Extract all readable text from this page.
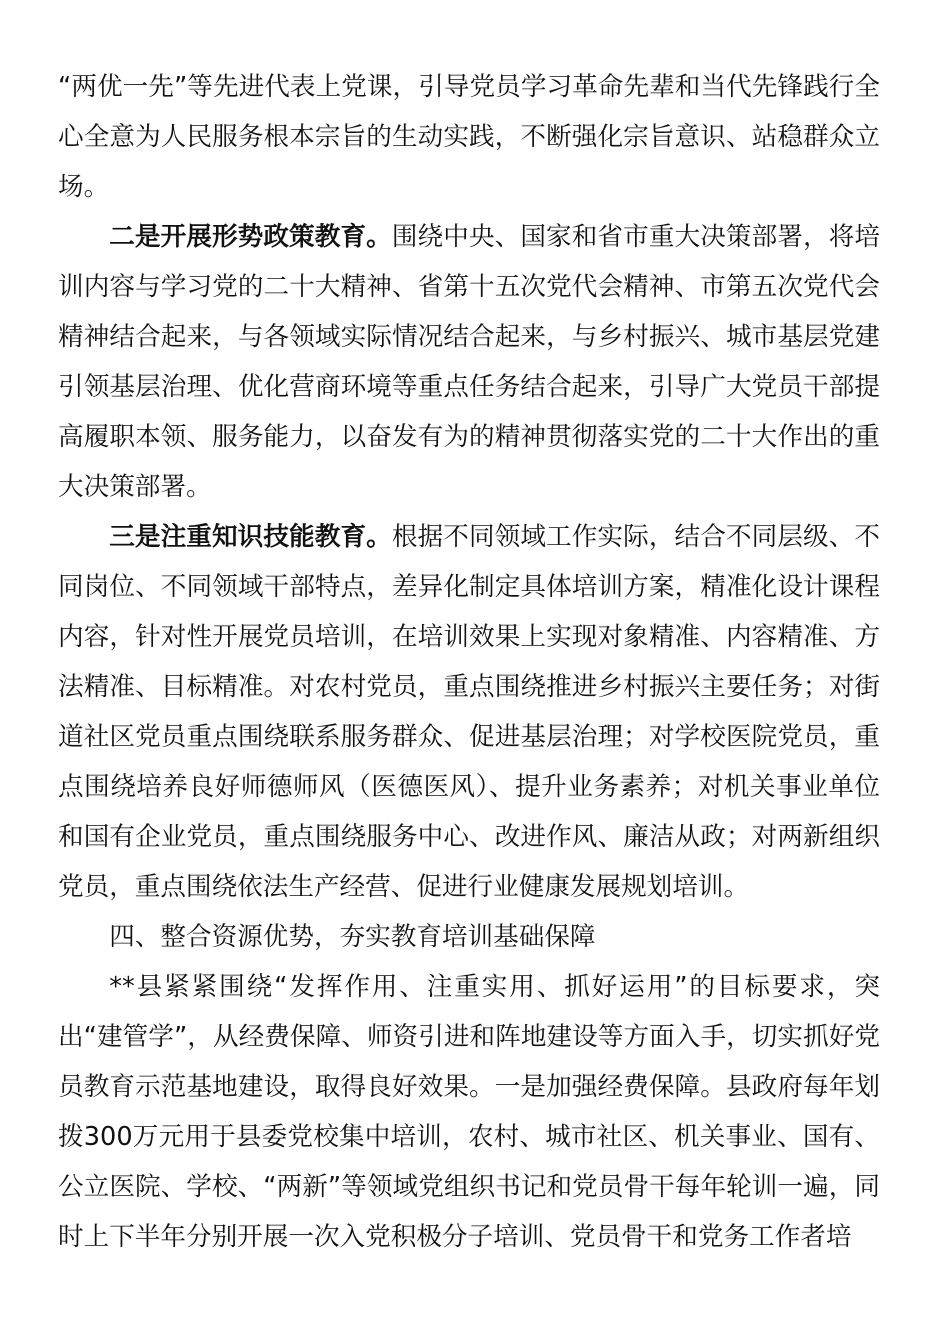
“两优一先”等先进代表上党课，引导党员学习革命先辈和当代先锋践行全心全意为人民服务根本宗旨的生动实践，不断强化宗旨意识、站稳群众立场。

二是开展形势政策教育。围绕中央、国家和省市重大决策部署，将培训内容与学习党的二十大精神、省第十五次党代会精神、市第五次党代会精神结合起来，与各领域实际情况结合起来，与乡村振兴、城市基层党建引领基层治理、优化营商环境等重点任务结合起来，引导广大党员干部提高履职本领、服务能力，以奋发有为的精神贯彻落实党的二十大作出的重大决策部署。

三是注重知识技能教育。根据不同领域工作实际，结合不同层级、不同岗位、不同领域干部特点，差异化制定具体培训方案，精准化设计课程内容，针对性开展党员培训，在培训效果上实现对象精准、内容精准、方法精准、目标精准。对农村党员，重点围绕推进乡村振兴主要任务；对街道社区党员重点围绕联系服务群众、促进基层治理；对学校医院党员，重点围绕培养良好师德师风（医德医风）、提升业务素养；对机关事业单位和国有企业党员，重点围绕服务中心、改进作风、廉洁从政；对两新组织党员，重点围绕依法生产经营、促进行业健康发展规划培训。

四、整合资源优势，夯实教育培训基础保障

**县紧紧围绕“发挥作用、注重实用、抓好运用”的目标要求，突出“建管学”，从经费保障、师资引进和阵地建设等方面入手，切实抓好党员教育示范基地建设，取得良好效果。一是加强经费保障。县政府每年划拨300万元用于县委党校集中培训，农村、城市社区、机关事业、国有、公立医院、学校、“两新”等领域党组织书记和党员骨干每年轮训一遍，同时上下半年分别开展一次入党积极分子培训、党员骨干和党务工作者培
